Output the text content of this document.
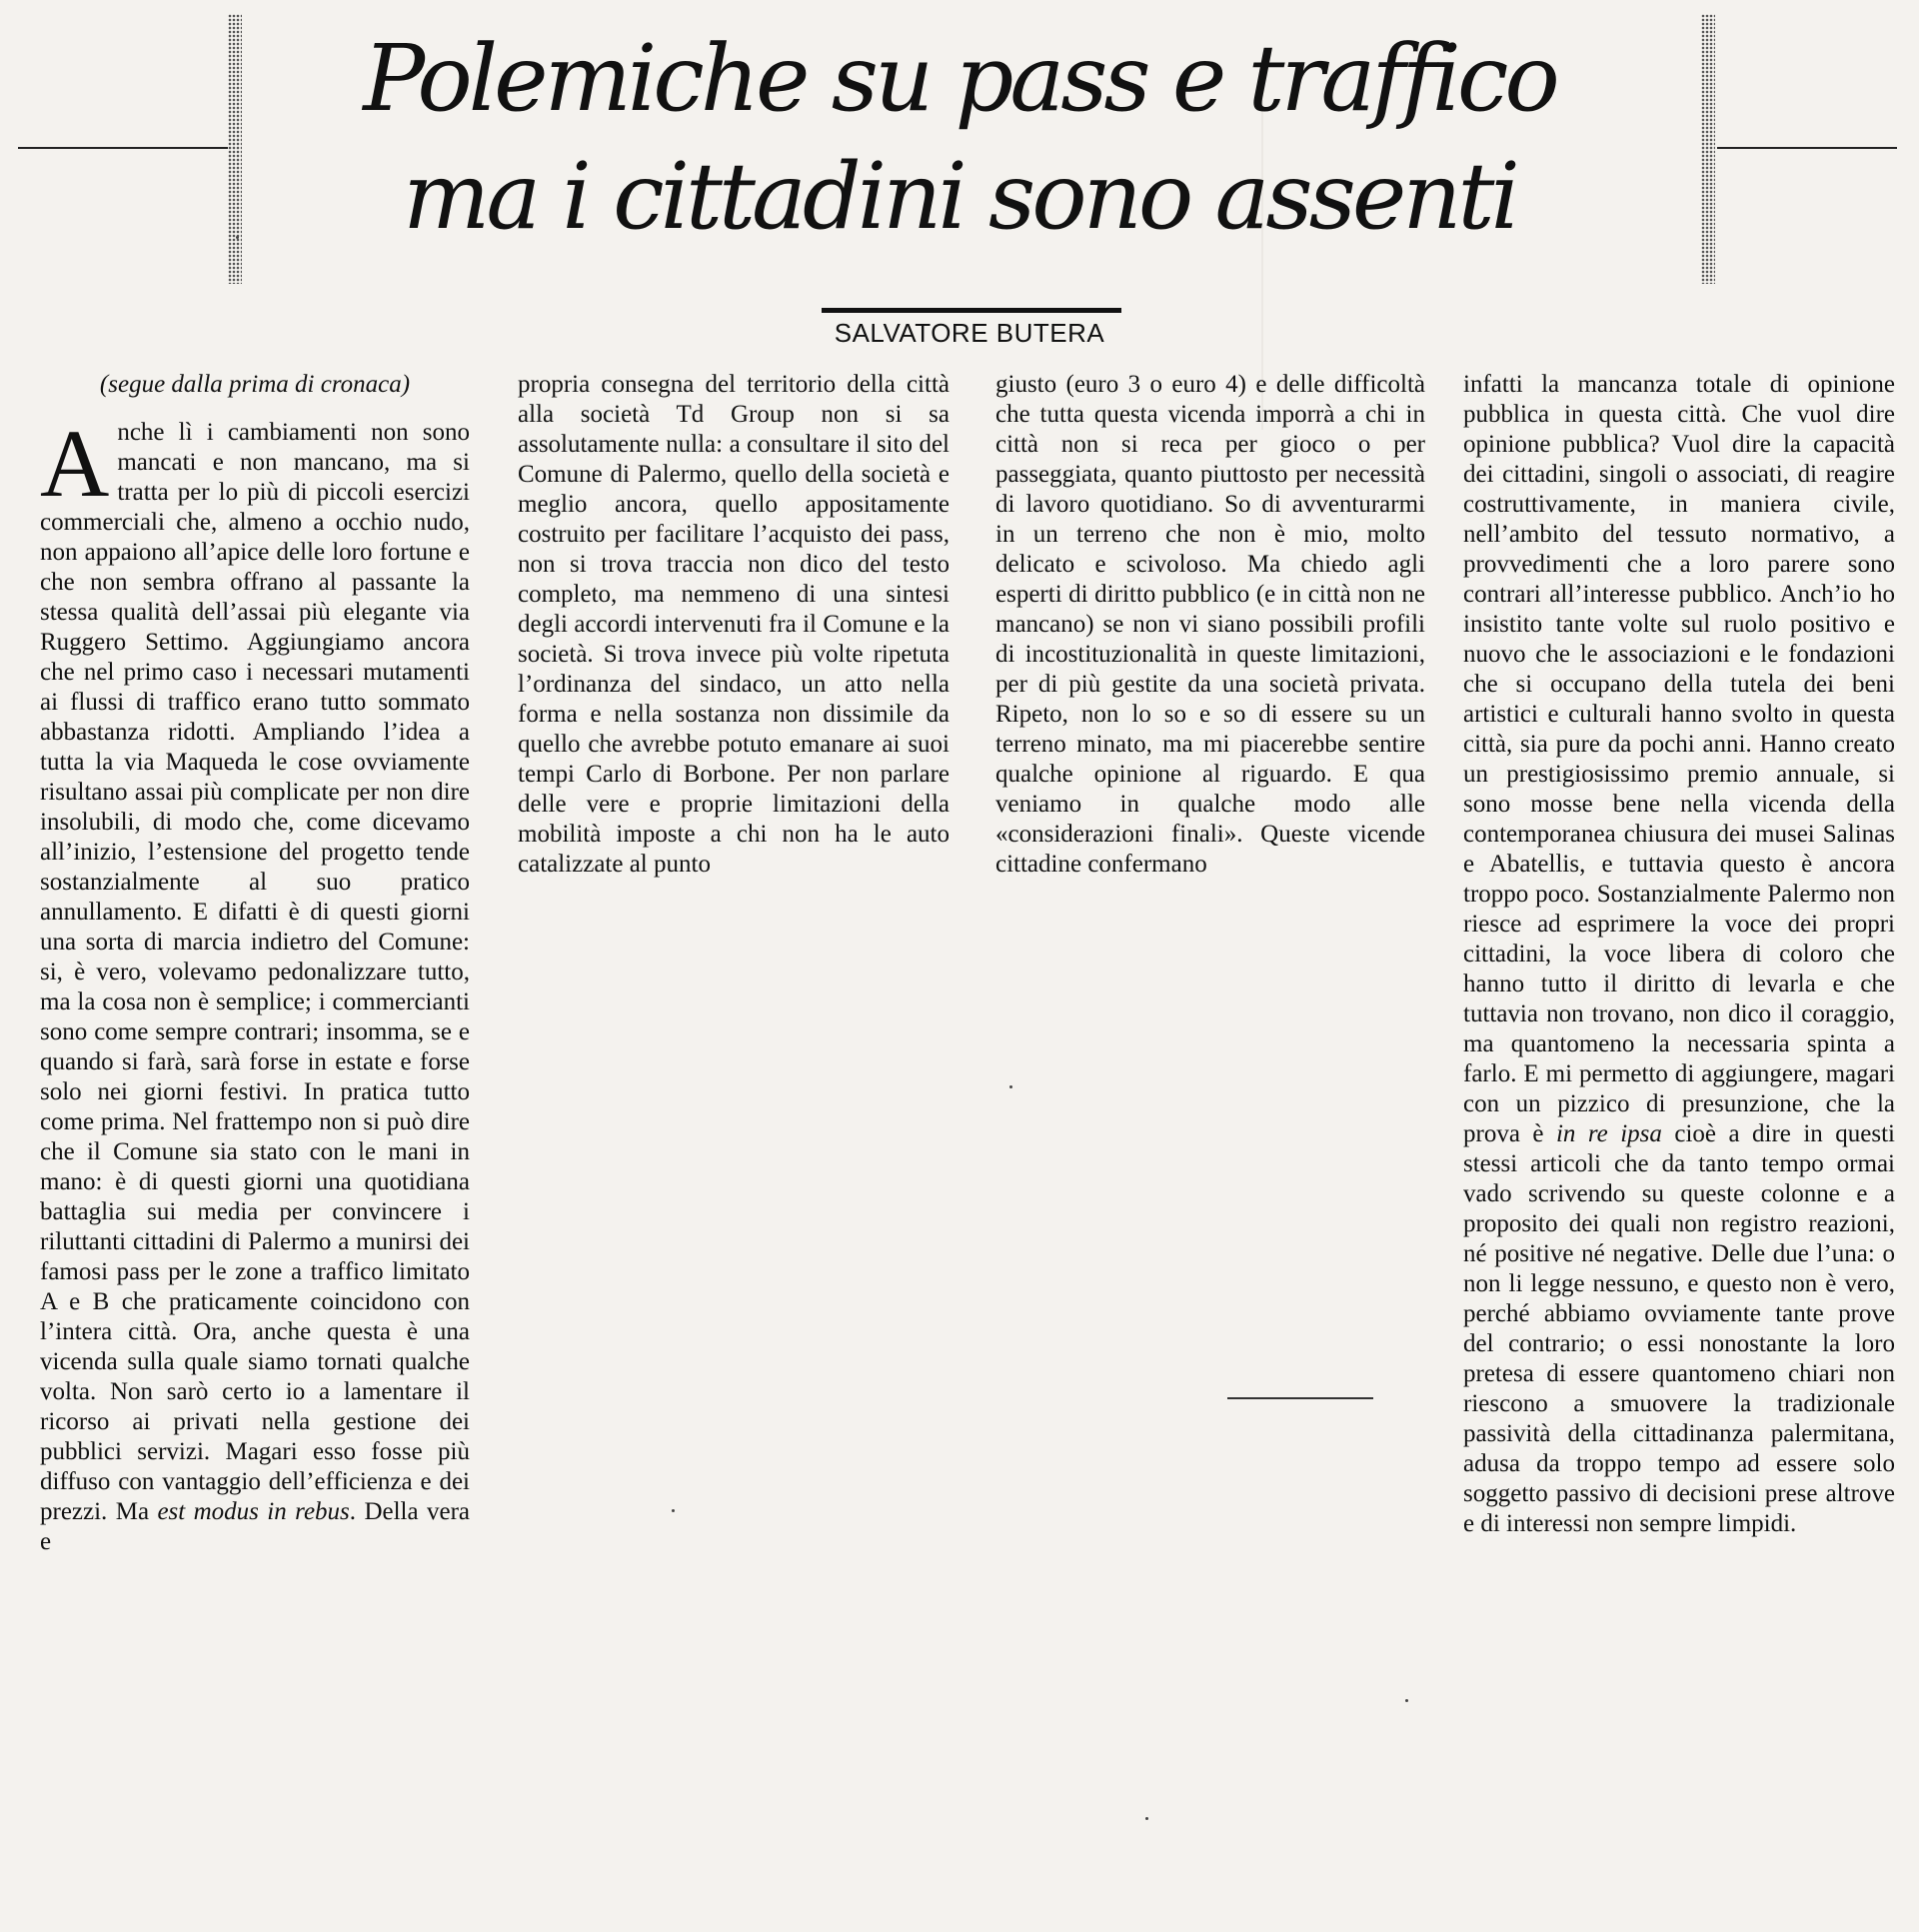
Polemiche su pass e traffico
ma i cittadini sono assenti
SALVATORE BUTERA

(segue dalla prima di cronaca)

Anche lì i cambiamenti non sono mancati e non mancano, ma si tratta per lo più di piccoli esercizi commerciali che, almeno a occhio nudo, non appaiono all’apice delle loro fortune e che non sembra offrano al passante la stessa qualità dell’assai più elegante via Ruggero Settimo. Aggiungiamo ancora che nel primo caso i necessari mutamenti ai flussi di traffico erano tutto sommato abbastanza ridotti. Ampliando l’idea a tutta la via Maqueda le cose ovviamente risultano assai più complicate per non dire insolubili, di modo che, come dicevamo all’inizio, l’estensione del progetto tende sostanzialmente al suo pratico annullamento. E difatti è di questi giorni una sorta di marcia indietro del Comune: si, è vero, volevamo pedonalizzare tutto, ma la cosa non è semplice; i commercianti sono come sempre contrari; insomma, se e quando si farà, sarà forse in estate e forse solo nei giorni festivi. In pratica tutto come prima. Nel frattempo non si può dire che il Comune sia stato con le mani in mano: è di questi giorni una quotidiana battaglia sui media per convincere i riluttanti cittadini di Palermo a munirsi dei famosi pass per le zone a traffico limitato A e B che praticamente coincidono con l’intera città. Ora, anche questa è una vicenda sulla quale siamo tornati qualche volta. Non sarò certo io a lamentare il ricorso ai privati nella gestione dei pubblici servizi. Magari esso fosse più diffuso con vantaggio dell’efficienza e dei prezzi. Ma est modus in rebus. Della vera e

propria consegna del territorio della città alla società Td Group non si sa assolutamente nulla: a consultare il sito del Comune di Palermo, quello della società e meglio ancora, quello appositamente costruito per facilitare l’acquisto dei pass, non si trova traccia non dico del testo completo, ma nemmeno di una sintesi degli accordi intervenuti fra il Comune e la società. Si trova invece più volte ripetuta l’ordinanza del sindaco, un atto nella forma e nella sostanza non dissimile da quello che avrebbe potuto emanare ai suoi tempi Carlo di Borbone. Per non parlare delle vere e proprie limitazioni della mobilità imposte a chi non ha le auto catalizzate al punto

giusto (euro 3 o euro 4) e delle difficoltà che tutta questa vicenda imporrà a chi in città non si reca per gioco o per passeggiata, quanto piuttosto per necessità di lavoro quotidiano. So di avventurarmi in un terreno che non è mio, molto delicato e scivoloso. Ma chiedo agli esperti di diritto pubblico (e in città non ne mancano) se non vi siano possibili profili di incostituzionalità in queste limitazioni, per di più gestite da una società privata. Ripeto, non lo so e so di essere su un terreno minato, ma mi piacerebbe sentire qualche opinione al riguardo. E qua veniamo in qualche modo alle «considerazioni finali». Queste vicende cittadine confermano

infatti la mancanza totale di opinione pubblica in questa città. Che vuol dire opinione pubblica? Vuol dire la capacità dei cittadini, singoli o associati, di reagire costruttivamente, in maniera civile, nell’ambito del tessuto normativo, a provvedimenti che a loro parere sono contrari all’interesse pubblico. Anch’io ho insistito tante volte sul ruolo positivo e nuovo che le associazioni e le fondazioni che si occupano della tutela dei beni artistici e culturali hanno svolto in questa città, sia pure da pochi anni. Hanno creato un prestigiosissimo premio annuale, si sono mosse bene nella vicenda della contemporanea chiusura dei musei Salinas e Abatellis, e tuttavia questo è ancora troppo poco. Sostanzialmente Palermo non riesce ad esprimere la voce dei propri cittadini, la voce libera di coloro che hanno tutto il diritto di levarla e che tuttavia non trovano, non dico il coraggio, ma quantomeno la necessaria spinta a farlo. E mi permetto di aggiungere, magari con un pizzico di presunzione, che la prova è in re ipsa cioè a dire in questi stessi articoli che da tanto tempo ormai vado scrivendo su queste colonne e a proposito dei quali non registro reazioni, né positive né negative. Delle due l’una: o non li legge nessuno, e questo non è vero, perché abbiamo ovviamente tante prove del contrario; o essi nonostante la loro pretesa di essere quantomeno chiari non riescono a smuovere la tradizionale passività della cittadinanza palermitana, adusa da troppo tempo ad essere solo soggetto passivo di decisioni prese altrove e di interessi non sempre limpidi.
